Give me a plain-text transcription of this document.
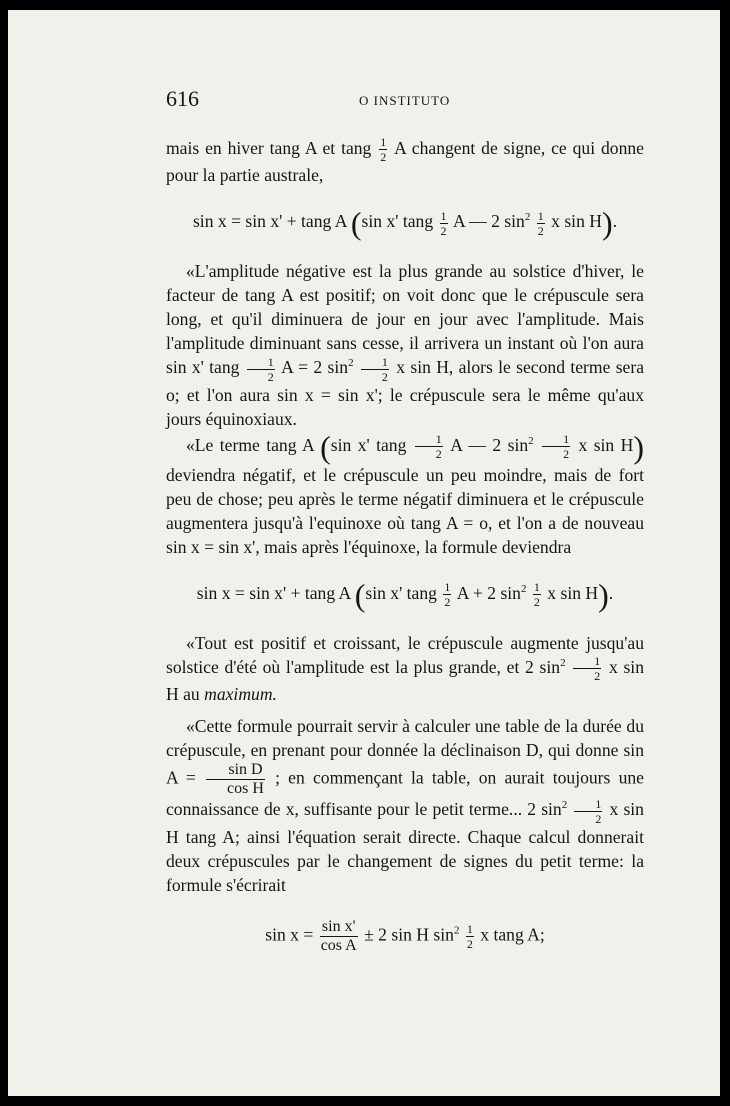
616	O INSTITUTO

mais en hiver tang A et tang $\frac{1}{2}$ A changent de signe, ce qui donne pour la partie australe,

sin x = sin x' + tang A (sin x' tang $\frac{1}{2}$ A — 2 $\sin^2 \frac{1}{2}$ x sin H).

«L'amplitude négative est la plus grande au solstice d'hiver, le facteur de tang A est positif; on voit donc que le crépuscule sera long, et qu'il diminuera de jour en jour avec l'amplitude. Mais l'amplitude diminuant sans cesse, il arrivera un instant où l'on aura sin x' tang $\frac{1}{2}$ A = 2 $\sin^2 \frac{1}{2}$ x sin H, alors le second terme sera o; et l'on aura sin x = sin x'; le crépuscule sera le même qu'aux jours équinoxiaux.

«Le terme tang A (sin x' tang $\frac{1}{2}$ A — 2 $\sin^2 \frac{1}{2}$ x sin H) deviendra négatif, et le crépuscule un peu moindre, mais de fort peu de chose; peu après le terme négatif diminuera et le crépuscule augmentera jusqu'à l'equinoxe où tang A = o, et l'on a de nouveau sin x = sin x', mais après l'équinoxe, la formule deviendra

sin x = sin x' + tang A (sin x' tang $\frac{1}{2}$ A + 2 $\sin^2 \frac{1}{2}$ x sin H).

«Tout est positif et croissant, le crépuscule augmente jusqu'au solstice d'été où l'amplitude est la plus grande, et 2 $\sin^2 \frac{1}{2}$ x sin H au maximum.

«Cette formule pourrait servir à calculer une table de la durée du crépuscule, en prenant pour donnée la déclinaison D, qui donne $\sin A = \frac{\text{sin D}}{\text{cos H}}$ ; en commençant la table, on aurait toujours une connaissance de x, suffisante pour le petit terme... 2 $\sin^2 \frac{1}{2}$ x sin H tang A; ainsi l'équation serait directe. Chaque calcul donnerait deux crépuscules par le changement de signes du petit terme: la formule s'écrirait

$\sin x = \frac{\text{sin x'}}{\text{cos A}} \pm 2$ sin H $\sin^2 \frac{1}{2}$ x tang A;
